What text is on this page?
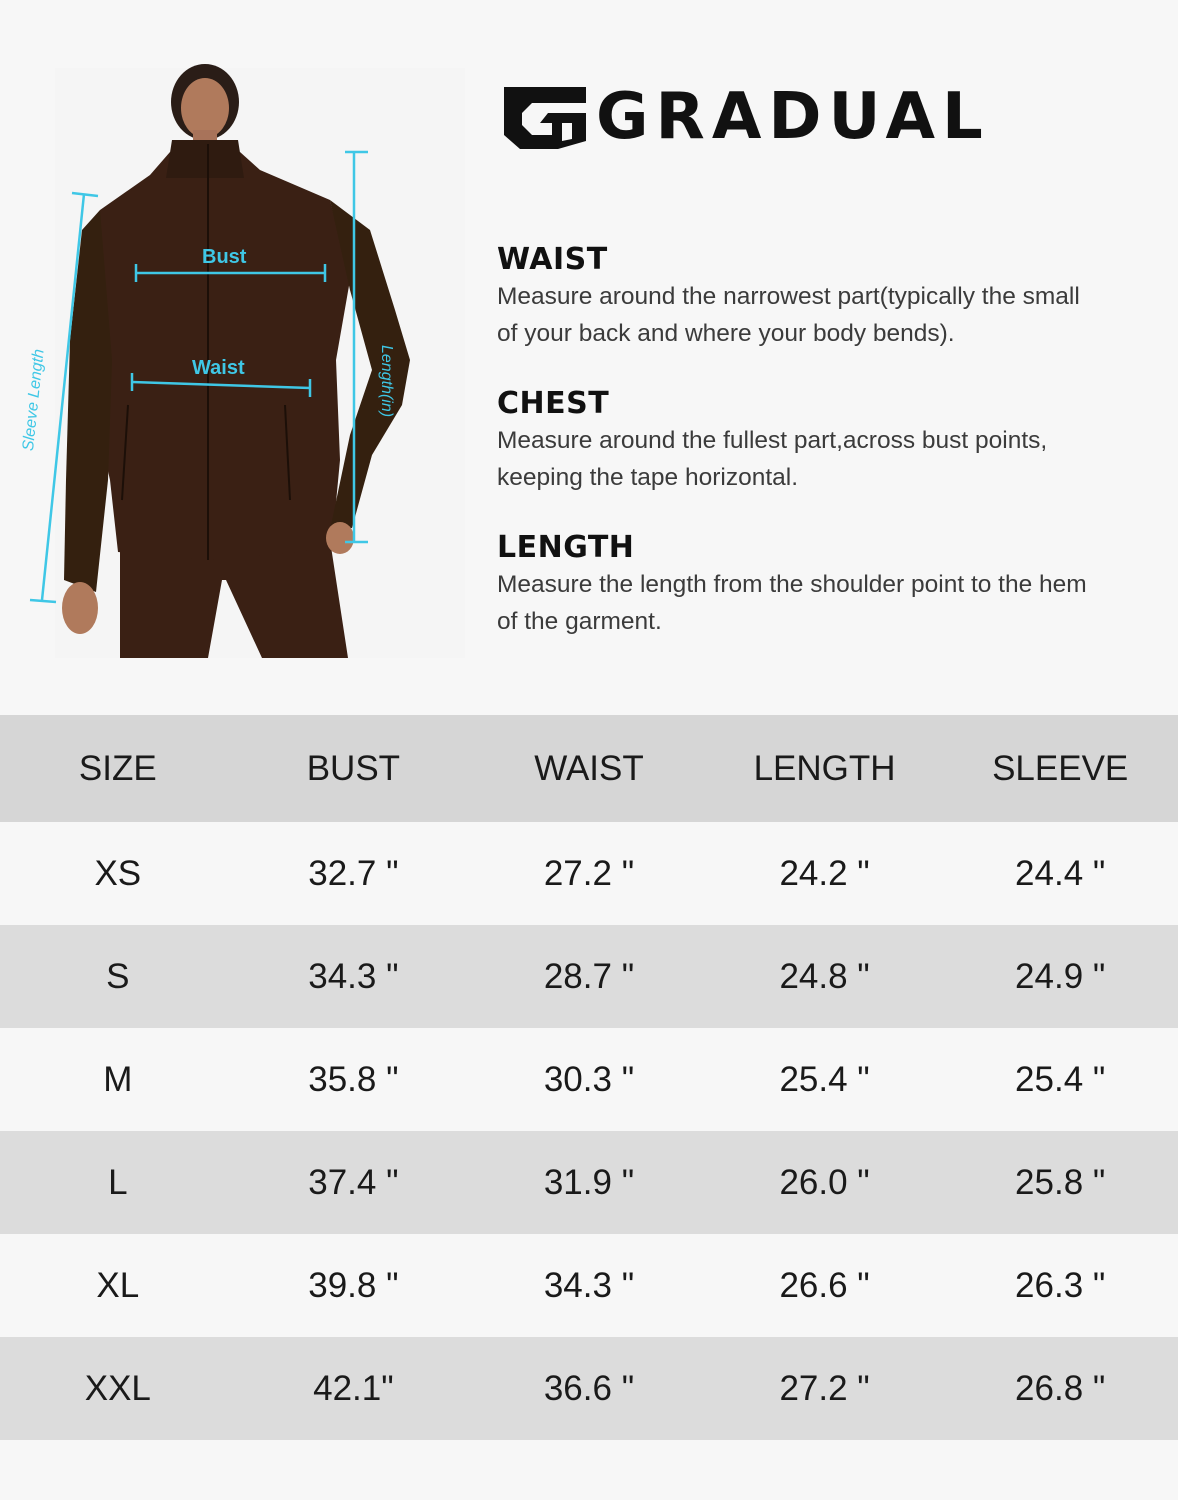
Bust
Waist	Length(in)
Sleeve Length
GRADUAL
WAIST

Measure around the narrowest part(typically the small

of your back and where your body bends).

CHEST

Measure around the fullest part,across bust points,

keeping the tape horizontal.

LENGTH

Measure the length from the shoulder point to the hem

of the garment.

SIZE	BUST	WAIST	LENGTH	SLEEVE
XS	32.7 "	27.2 "	24.2 "	24.4 "
S	34.3 "	28.7 "	24.8 "	24.9 "
M	35.8 "	30.3 "	25.4 "	25.4 "
L	37.4 "	31.9 "	26.0 "	25.8 "
XL	39.8 "	34.3 "	26.6 "	26.3 "
XXL	42.1"	36.6 "	27.2 "	26.8 "
